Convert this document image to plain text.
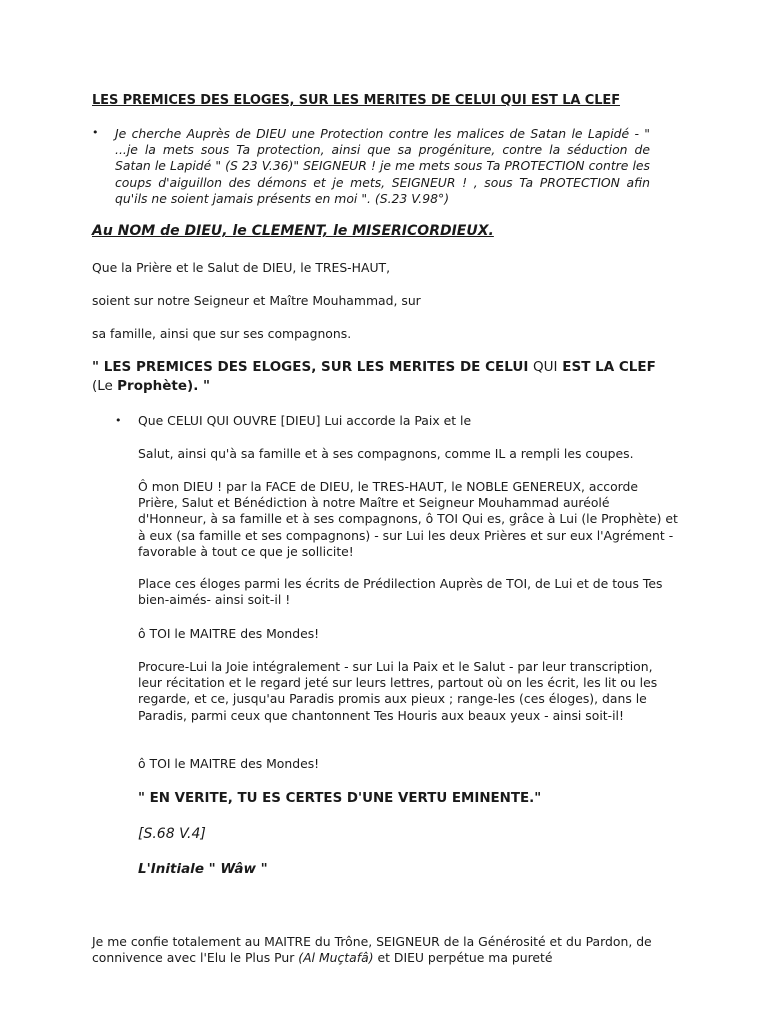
LES PREMICES DES ELOGES, SUR LES MERITES DE CELUI QUI EST LA CLEF
• Je cherche Auprès de DIEU une Protection contre les malices de Satan le Lapidé - " ...je la mets sous Ta protection, ainsi que sa progéniture, contre la séduction de Satan le Lapidé " (S 23 V.36)" SEIGNEUR ! je me mets sous Ta PROTECTION contre les coups d'aiguillon des démons et je mets, SEIGNEUR ! , sous Ta PROTECTION afin qu'ils ne soient jamais présents en moi ". (S.23 V.98°)
Au NOM de DIEU, le CLEMENT, le MISERICORDIEUX.
Que la Prière et le Salut de DIEU, le TRES-HAUT,
soient sur notre Seigneur et Maître Mouhammad, sur
sa famille, ainsi que sur ses compagnons.
" LES PREMICES DES ELOGES, SUR LES MERITES DE CELUI QUI EST LA CLEF (Le Prophète). "
• Que CELUI QUI OUVRE [DIEU] Lui accorde la Paix et le
Salut, ainsi qu'à sa famille et à ses compagnons, comme IL a rempli les coupes.
Ô mon DIEU ! par la FACE de DIEU, le TRES-HAUT, le NOBLE GENEREUX, accorde Prière, Salut et Bénédiction à notre Maître et Seigneur Mouhammad auréolé d'Honneur, à sa famille et à ses compagnons, ô TOI Qui es, grâce à Lui (le Prophète) et à eux (sa famille et ses compagnons) - sur Lui les deux Prières et sur eux l'Agrément - favorable à tout ce que je sollicite!
Place ces éloges parmi les écrits de Prédilection Auprès de TOI, de Lui et de tous Tes bien-aimés- ainsi soit-il !
ô TOI le MAITRE des Mondes!
Procure-Lui la Joie intégralement - sur Lui la Paix et le Salut - par leur transcription, leur récitation et le regard jeté sur leurs lettres, partout où on les écrit, les lit ou les regarde, et ce, jusqu'au Paradis promis aux pieux ; range-les (ces éloges), dans le Paradis, parmi ceux que chantonnent Tes Houris aux beaux yeux - ainsi soit-il!
ô TOI le MAITRE des Mondes!
" EN VERITE, TU ES CERTES D'UNE VERTU EMINENTE."
[S.68 V.4]
L'Initiale " Wâw "
Je me confie totalement au MAITRE du Trône, SEIGNEUR de la Générosité et du Pardon, de connivence avec l'Elu le Plus Pur (Al Muçtafâ) et DIEU perpétue ma pureté
